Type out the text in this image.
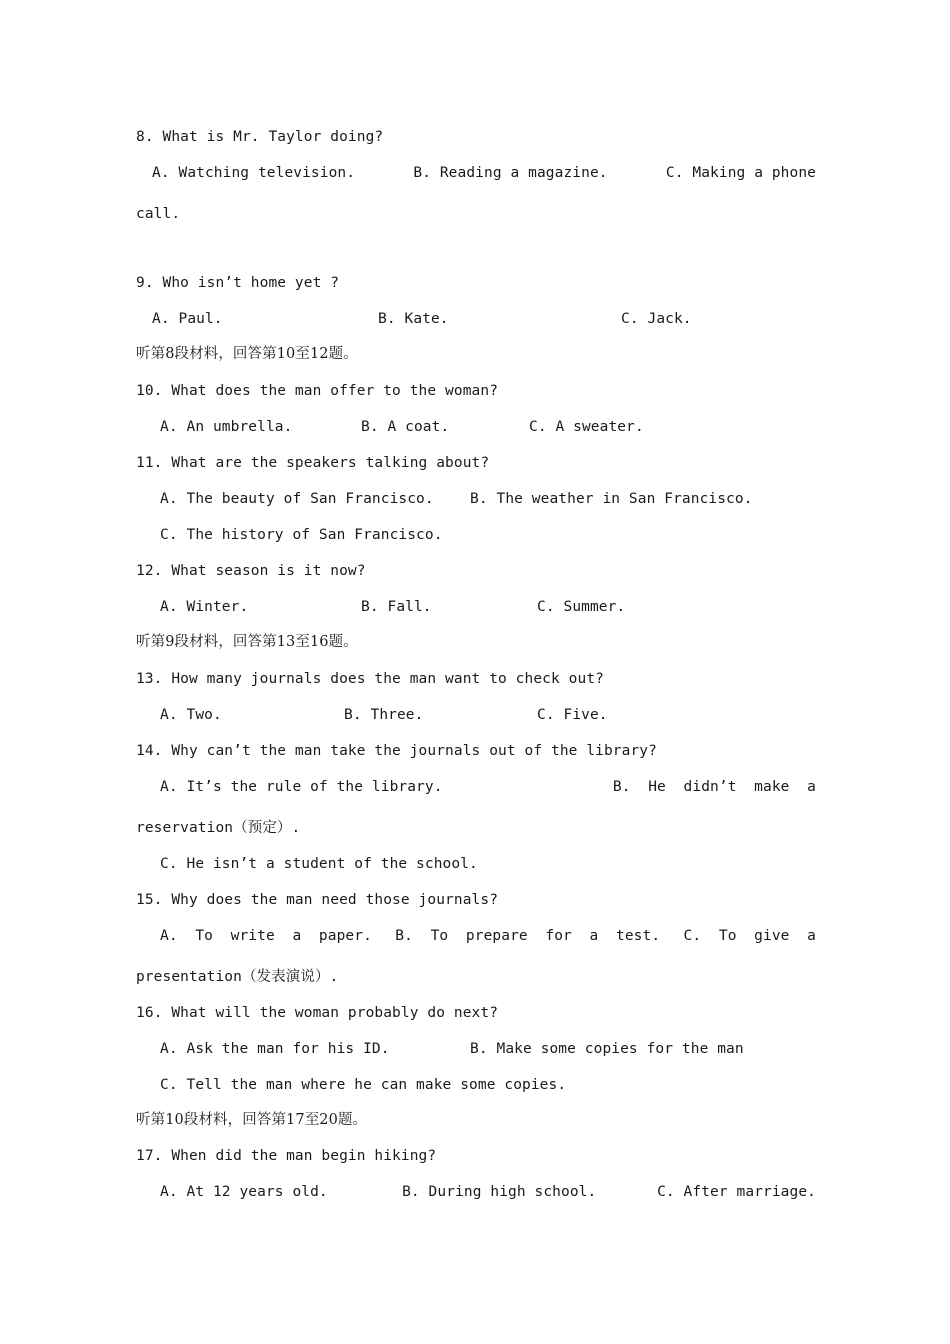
8. What is Mr. Taylor doing?
A. Watching television.	B. Reading a magazine.	C. Making a phone
call.
9. Who isn’t home yet ?
A. Paul.	B. Kate.	C. Jack.
听第8段材料，回答第10至12题。
10. What does the man offer to the woman?
A. An umbrella.	B. A coat.	C. A sweater.
11. What are the speakers talking about?
A. The beauty of San Francisco.	B. The weather in San Francisco.
C. The history of San Francisco.
12. What season is it now?
A. Winter.	B. Fall.	C. Summer.
听第9段材料，回答第13至16题。
13. How many journals does the man want to check out?
A. Two.	B. Three.	C. Five.
14. Why can’t the man take the journals out of the library?
A. It’s the rule of the library.	B.  He  didn’t  make  a
reservation（预定）.
C. He isn’t a student of the school.
15. Why does the man need those journals?
A.  To  write  a  paper. B.  To  prepare  for  a  test. C.  To  give  a
presentation（发表演说）.
16. What will the woman probably do next?
A. Ask the man for his ID.	B. Make some copies for the man
C. Tell the man where he can make some copies.
听第10段材料，回答第17至20题。
17. When did the man begin hiking?
A. At 12 years old.	B. During high school.	C. After marriage.
